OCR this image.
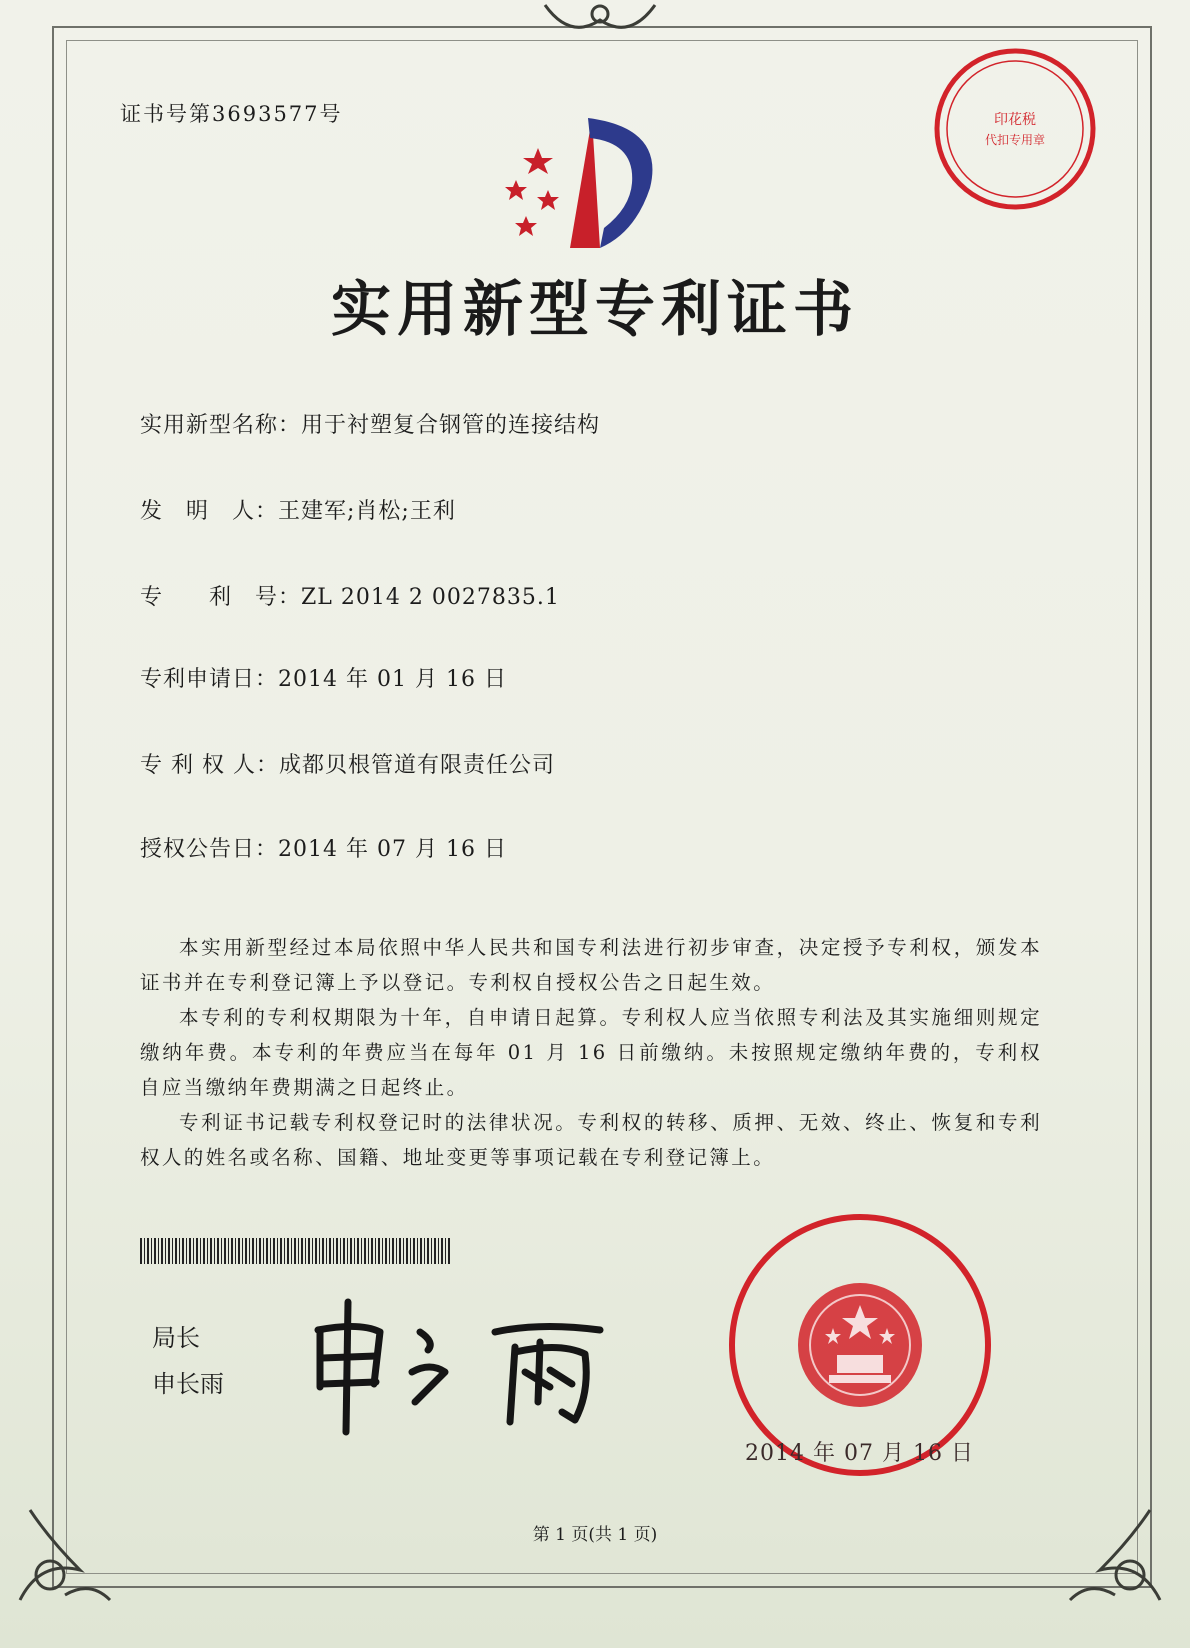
证书号第3693577号	印花税
代扣专用章
实用新型专利证书
实用新型名称：用于衬塑复合钢管的连接结构
发　明　人：王建军;肖松;王利
专　　利　号：ZL 2014 2 0027835.1
专利申请日：2014 年 01 月 16 日
专 利 权 人：成都贝根管道有限责任公司
授权公告日：2014 年 07 月 16 日

本实用新型经过本局依照中华人民共和国专利法进行初步审查，决定授予专利权，颁发本证书并在专利登记簿上予以登记。专利权自授权公告之日起生效。

本专利的专利权期限为十年，自申请日起算。专利权人应当依照专利法及其实施细则规定缴纳年费。本专利的年费应当在每年 01 月 16 日前缴纳。未按照规定缴纳年费的，专利权自应当缴纳年费期满之日起终止。

专利证书记载专利权登记时的法律状况。专利权的转移、质押、无效、终止、恢复和专利权人的姓名或名称、国籍、地址变更等事项记载在专利登记簿上。

局长
申长雨
2014 年 07 月 16 日
第 1 页(共 1 页)
